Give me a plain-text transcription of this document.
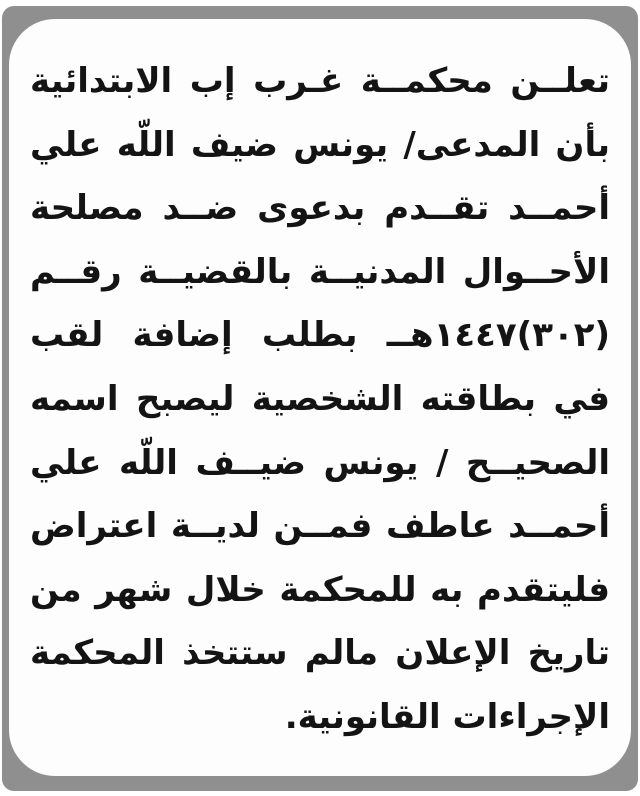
تعلــن محكمــة غـرب إب الابتدائية
بأن المدعى/ يونس ضيف اللّه علي
أحمــد تقــدم بدعوى ضــد مصلحة
الأحــوال المدنيــة بالقضيــة رقــم
(٣٠٢)١٤٤٧هــ بطلب إضافة لقب
في بطاقته الشخصية ليصبح اسمه
الصحيــح / يونس ضيــف اللّه علي
أحمــد عاطف فمــن لديــة اعتراض
فليتقدم به للمحكمة خلال شهر من
تاريخ الإعلان مالم ستتخذ المحكمة
الإجراءات القانونية.
